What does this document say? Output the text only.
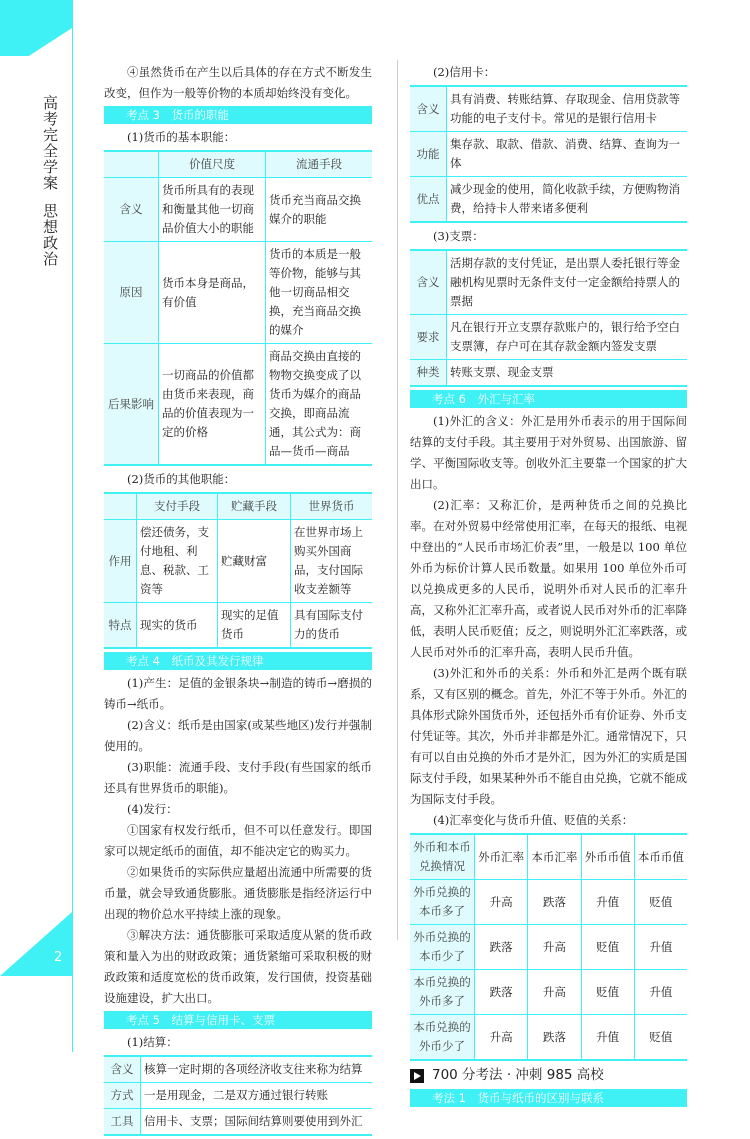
2
高考完全学案思想政治

④虽然货币在产生以后具体的存在方式不断发生改变，但作为一般等价物的本质却始终没有变化。

考点 3　货币的职能

(1)货币的基本职能：

	价值尺度	流通手段
含义	货币所具有的表现和衡量其他一切商品价值大小的职能	货币充当商品交换媒介的职能
原因	货币本身是商品，有价值	货币的本质是一般等价物，能够与其他一切商品相交换，充当商品交换的媒介
后果影响	一切商品的价值都由货币来表现，商品的价值表现为一定的价格	商品交换由直接的物物交换变成了以货币为媒介的商品交换，即商品流通，其公式为：商品—货币—商品

(2)货币的其他职能：

	支付手段	贮藏手段	世界货币
作用	偿还债务，支付地租、利息、税款、工资等	贮藏财富	在世界市场上购买外国商品，支付国际收支差额等
特点	现实的货币	现实的足值货币	具有国际支付力的货币
考点 4　纸币及其发行规律

(1)产生：足值的金银条块→制造的铸币→磨损的铸币→纸币。

(2)含义：纸币是由国家(或某些地区)发行并强制使用的。

(3)职能：流通手段、支付手段(有些国家的纸币还具有世界货币的职能)。

(4)发行：

①国家有权发行纸币，但不可以任意发行。即国家可以规定纸币的面值，却不能决定它的购买力。

②如果货币的实际供应量超出流通中所需要的货币量，就会导致通货膨胀。通货膨胀是指经济运行中出现的物价总水平持续上涨的现象。

③解决方法：通货膨胀可采取适度从紧的货币政策和量入为出的财政政策；通货紧缩可采取积极的财政政策和适度宽松的货币政策，发行国债，投资基础设施建设，扩大出口。

考点 5　结算与信用卡、支票

(1)结算：

含义	核算一定时期的各项经济收支往来称为结算
方式	一是用现金，二是双方通过银行转账
工具	信用卡、支票；国际间结算则要使用到外汇

(2)信用卡：

含义	具有消费、转账结算、存取现金、信用贷款等功能的电子支付卡。常见的是银行信用卡
功能	集存款、取款、借款、消费、结算、查询为一体
优点	减少现金的使用，简化收款手续，方便购物消费，给持卡人带来诸多便利

(3)支票：

含义	活期存款的支付凭证，是出票人委托银行等金融机构见票时无条件支付一定金额给持票人的票据
要求	凡在银行开立支票存款账户的，银行给予空白支票簿，存户可在其存款金额内签发支票
种类	转账支票、现金支票
考点 6　外汇与汇率

(1)外汇的含义：外汇是用外币表示的用于国际间结算的支付手段。其主要用于对外贸易、出国旅游、留学、平衡国际收支等。创收外汇主要靠一个国家的扩大出口。

(2)汇率：又称汇价，是两种货币之间的兑换比率。在对外贸易中经常使用汇率，在每天的报纸、电视中登出的“人民币市场汇价表”里，一般是以 100 单位外币为标价计算人民币数量。如果用 100 单位外币可以兑换成更多的人民币，说明外币对人民币的汇率升高，又称外汇汇率升高，或者说人民币对外币的汇率降低，表明人民币贬值；反之，则说明外汇汇率跌落，或人民币对外币的汇率升高，表明人民币升值。

(3)外汇和外币的关系：外币和外汇是两个既有联系，又有区别的概念。首先，外汇不等于外币。外汇的具体形式除外国货币外，还包括外币有价证券、外币支付凭证等。其次，外币并非都是外汇。通常情况下，只有可以自由兑换的外币才是外汇，因为外汇的实质是国际支付手段，如果某种外币不能自由兑换，它就不能成为国际支付手段。

(4)汇率变化与货币升值、贬值的关系：

外币和本币兑换情况	外币汇率	本币汇率	外币币值	本币币值
外币兑换的本币多了	升高	跌落	升值	贬值
外币兑换的本币少了	跌落	升高	贬值	升值
本币兑换的外币多了	跌落	升高	贬值	升值
本币兑换的外币少了	升高	跌落	升值	贬值
700 分考法 · 冲刺 985 高校
考法 1　货币与纸币的区别与联系
